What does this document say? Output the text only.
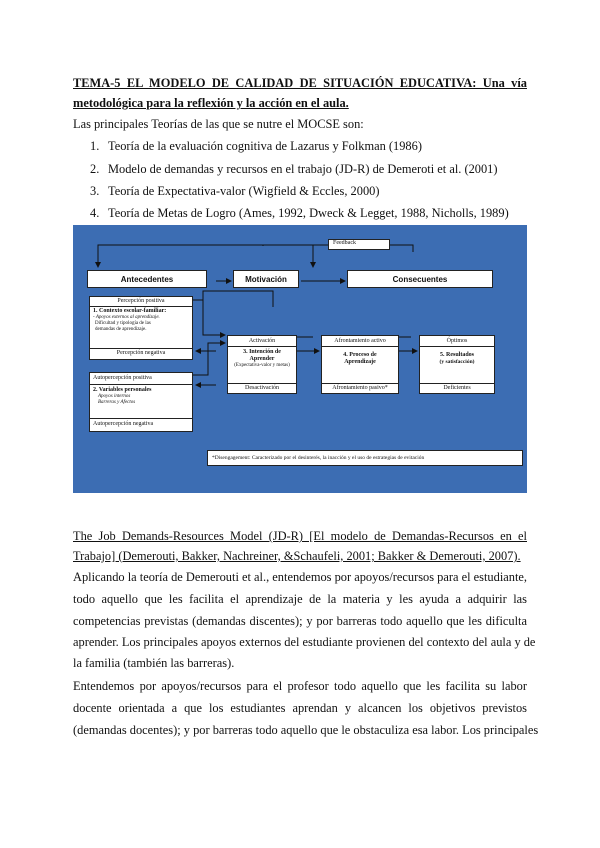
TEMA-5 EL MODELO DE CALIDAD DE SITUACIÓN EDUCATIVA: Una vía
metodológica para la reflexión y la acción en el aula.
Las principales Teorías de las que se nutre el MOCSE son:
1. Teoría de la evaluación cognitiva de Lazarus y Folkman (1986)
2. Modelo de demandas y recursos en el trabajo (JD-R) de Demeroti et al. (2001)
3. Teoría de Expectativa-valor (Wigfield & Eccles, 2000)
4. Teoría de Metas de Logro (Ames, 1992, Dweck & Legget, 1988, Nicholls, 1989)
Feedback
Antecedentes	Motivación	Consecuentes
Percepción positiva
1. Contexto escolar-familiar:
- Apoyos externos al aprendizaje.
Dificultad y tipología de las
demandas de aprendizaje.
Percepción negativa
Autopercepción positiva
2. Variables personales
Apoyos internos
Barreras y Afectos
Autopercepción negativa
Activación
3. Intención de Aprender
(Expectativa-valor y metas)
Desactivación
Afrontamiento activo
4. Proceso de Aprendizaje
Afrontamiento pasivo*
Óptimos
5. Resultados
(y satisfacción)
Deficientes
*Disengagement: Caracterizado por el desinterés, la inacción y el uso de estrategias de evitación
The Job Demands-Resources Model (JD-R) [El modelo de Demandas-Recursos en el
Trabajo] (Demerouti, Bakker, Nachreiner, &Schaufeli, 2001; Bakker & Demerouti, 2007).
Aplicando la teoría de Demerouti et al., entendemos por apoyos/recursos para el estudiante,
todo aquello que les facilita el aprendizaje de la materia y les ayuda a adquirir las
competencias previstas (demandas discentes); y por barreras todo aquello que les dificulta
aprender. Los principales apoyos externos del estudiante provienen del contexto del aula y de
la familia (también las barreras).
Entendemos por apoyos/recursos para el profesor todo aquello que les facilita su labor
docente orientada a que los estudiantes aprendan y alcancen los objetivos previstos
(demandas docentes); y por barreras todo aquello que le obstaculiza esa labor. Los principales
